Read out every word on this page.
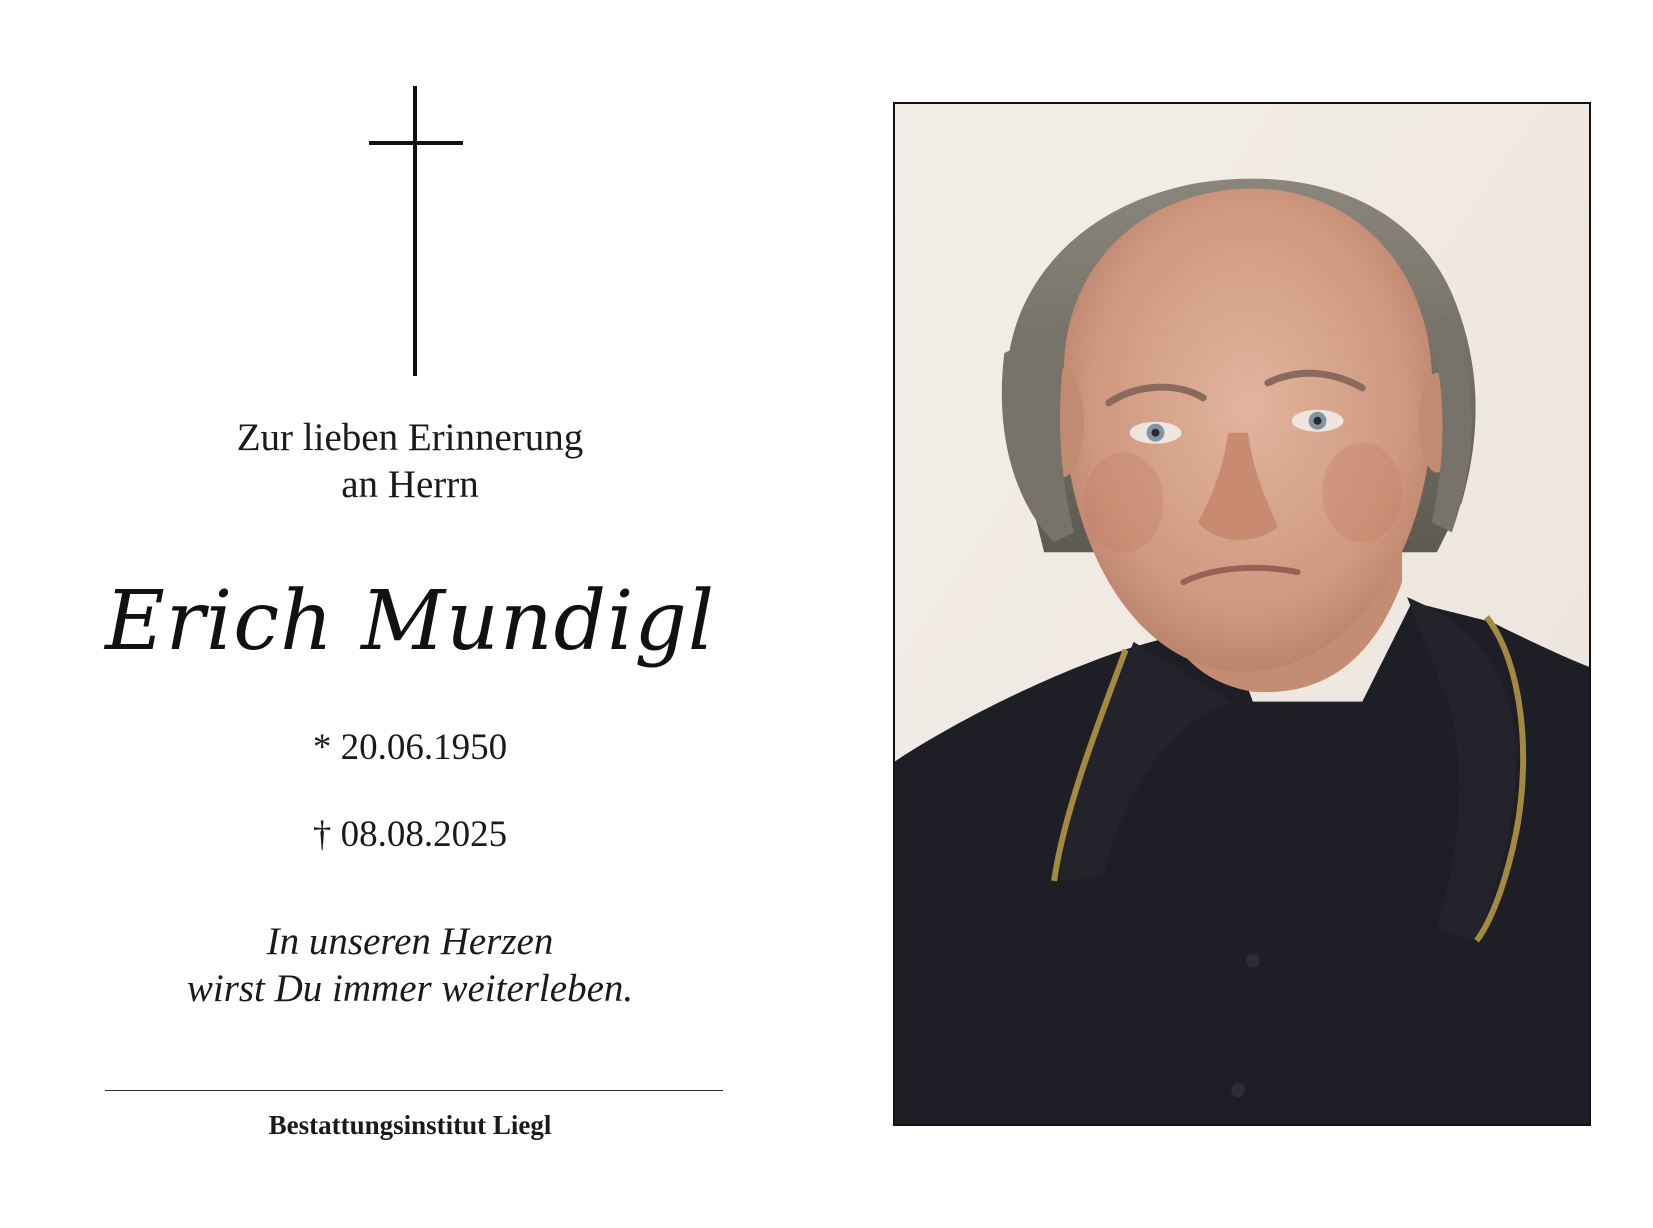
Zur lieben Erinnerung
an Herrn
Erich Mundigl
* 20.06.1950
† 08.08.2025
In unseren Herzen
wirst Du immer weiterleben.
Bestattungsinstitut Liegl
